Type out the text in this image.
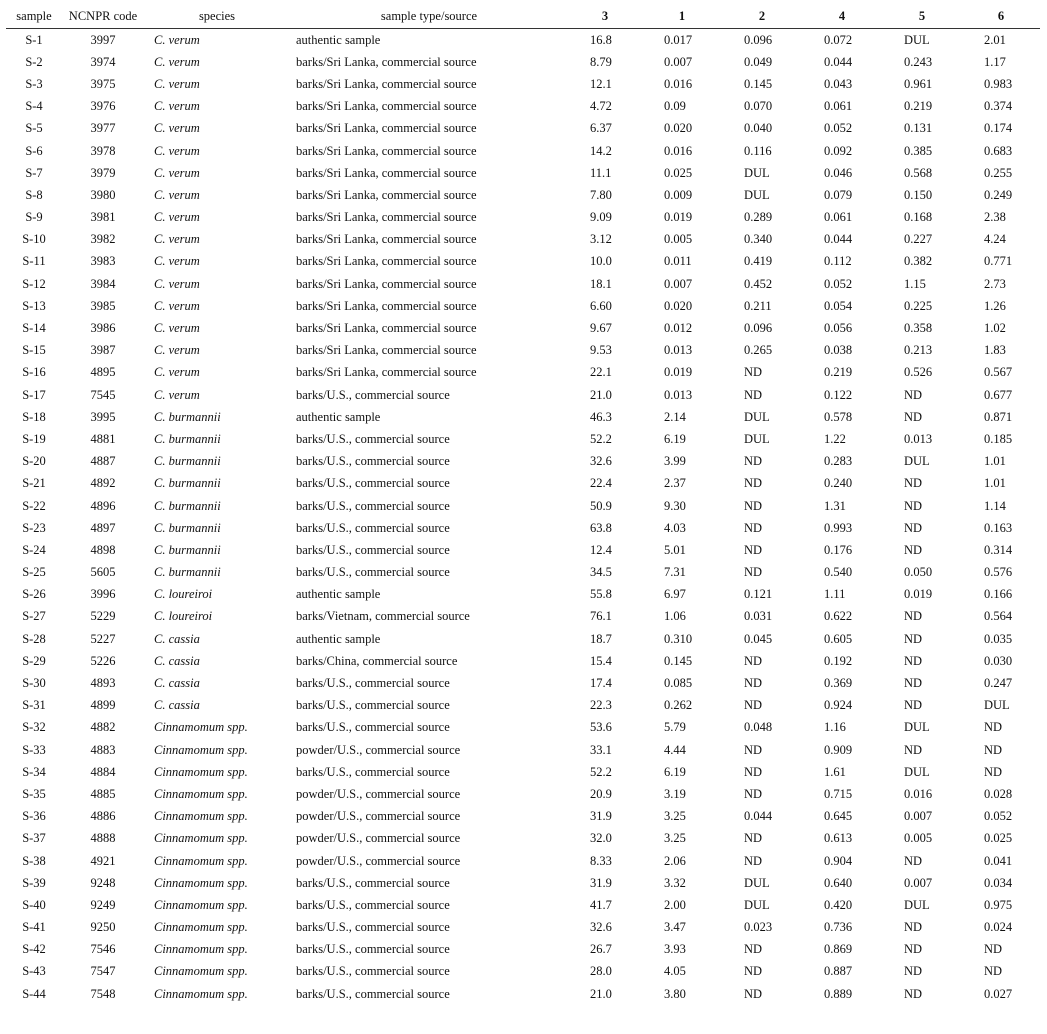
sample	NCNPR code	species	sample type/source	3	1	2	4	5	6
S-1	3997	C. verum	authentic sample	16.8	0.017	0.096	0.072	DUL	2.01
S-2	3974	C. verum	barks/Sri Lanka, commercial source	8.79	0.007	0.049	0.044	0.243	1.17
S-3	3975	C. verum	barks/Sri Lanka, commercial source	12.1	0.016	0.145	0.043	0.961	0.983
S-4	3976	C. verum	barks/Sri Lanka, commercial source	4.72	0.09	0.070	0.061	0.219	0.374
S-5	3977	C. verum	barks/Sri Lanka, commercial source	6.37	0.020	0.040	0.052	0.131	0.174
S-6	3978	C. verum	barks/Sri Lanka, commercial source	14.2	0.016	0.116	0.092	0.385	0.683
S-7	3979	C. verum	barks/Sri Lanka, commercial source	11.1	0.025	DUL	0.046	0.568	0.255
S-8	3980	C. verum	barks/Sri Lanka, commercial source	7.80	0.009	DUL	0.079	0.150	0.249
S-9	3981	C. verum	barks/Sri Lanka, commercial source	9.09	0.019	0.289	0.061	0.168	2.38
S-10	3982	C. verum	barks/Sri Lanka, commercial source	3.12	0.005	0.340	0.044	0.227	4.24
S-11	3983	C. verum	barks/Sri Lanka, commercial source	10.0	0.011	0.419	0.112	0.382	0.771
S-12	3984	C. verum	barks/Sri Lanka, commercial source	18.1	0.007	0.452	0.052	1.15	2.73
S-13	3985	C. verum	barks/Sri Lanka, commercial source	6.60	0.020	0.211	0.054	0.225	1.26
S-14	3986	C. verum	barks/Sri Lanka, commercial source	9.67	0.012	0.096	0.056	0.358	1.02
S-15	3987	C. verum	barks/Sri Lanka, commercial source	9.53	0.013	0.265	0.038	0.213	1.83
S-16	4895	C. verum	barks/Sri Lanka, commercial source	22.1	0.019	ND	0.219	0.526	0.567
S-17	7545	C. verum	barks/U.S., commercial source	21.0	0.013	ND	0.122	ND	0.677
S-18	3995	C. burmannii	authentic sample	46.3	2.14	DUL	0.578	ND	0.871
S-19	4881	C. burmannii	barks/U.S., commercial source	52.2	6.19	DUL	1.22	0.013	0.185
S-20	4887	C. burmannii	barks/U.S., commercial source	32.6	3.99	ND	0.283	DUL	1.01
S-21	4892	C. burmannii	barks/U.S., commercial source	22.4	2.37	ND	0.240	ND	1.01
S-22	4896	C. burmannii	barks/U.S., commercial source	50.9	9.30	ND	1.31	ND	1.14
S-23	4897	C. burmannii	barks/U.S., commercial source	63.8	4.03	ND	0.993	ND	0.163
S-24	4898	C. burmannii	barks/U.S., commercial source	12.4	5.01	ND	0.176	ND	0.314
S-25	5605	C. burmannii	barks/U.S., commercial source	34.5	7.31	ND	0.540	0.050	0.576
S-26	3996	C. loureiroi	authentic sample	55.8	6.97	0.121	1.11	0.019	0.166
S-27	5229	C. loureiroi	barks/Vietnam, commercial source	76.1	1.06	0.031	0.622	ND	0.564
S-28	5227	C. cassia	authentic sample	18.7	0.310	0.045	0.605	ND	0.035
S-29	5226	C. cassia	barks/China, commercial source	15.4	0.145	ND	0.192	ND	0.030
S-30	4893	C. cassia	barks/U.S., commercial source	17.4	0.085	ND	0.369	ND	0.247
S-31	4899	C. cassia	barks/U.S., commercial source	22.3	0.262	ND	0.924	ND	DUL
S-32	4882	Cinnamomum spp.	barks/U.S., commercial source	53.6	5.79	0.048	1.16	DUL	ND
S-33	4883	Cinnamomum spp.	powder/U.S., commercial source	33.1	4.44	ND	0.909	ND	ND
S-34	4884	Cinnamomum spp.	barks/U.S., commercial source	52.2	6.19	ND	1.61	DUL	ND
S-35	4885	Cinnamomum spp.	powder/U.S., commercial source	20.9	3.19	ND	0.715	0.016	0.028
S-36	4886	Cinnamomum spp.	powder/U.S., commercial source	31.9	3.25	0.044	0.645	0.007	0.052
S-37	4888	Cinnamomum spp.	powder/U.S., commercial source	32.0	3.25	ND	0.613	0.005	0.025
S-38	4921	Cinnamomum spp.	powder/U.S., commercial source	8.33	2.06	ND	0.904	ND	0.041
S-39	9248	Cinnamomum spp.	barks/U.S., commercial source	31.9	3.32	DUL	0.640	0.007	0.034
S-40	9249	Cinnamomum spp.	barks/U.S., commercial source	41.7	2.00	DUL	0.420	DUL	0.975
S-41	9250	Cinnamomum spp.	barks/U.S., commercial source	32.6	3.47	0.023	0.736	ND	0.024
S-42	7546	Cinnamomum spp.	barks/U.S., commercial source	26.7	3.93	ND	0.869	ND	ND
S-43	7547	Cinnamomum spp.	barks/U.S., commercial source	28.0	4.05	ND	0.887	ND	ND
S-44	7548	Cinnamomum spp.	barks/U.S., commercial source	21.0	3.80	ND	0.889	ND	0.027
